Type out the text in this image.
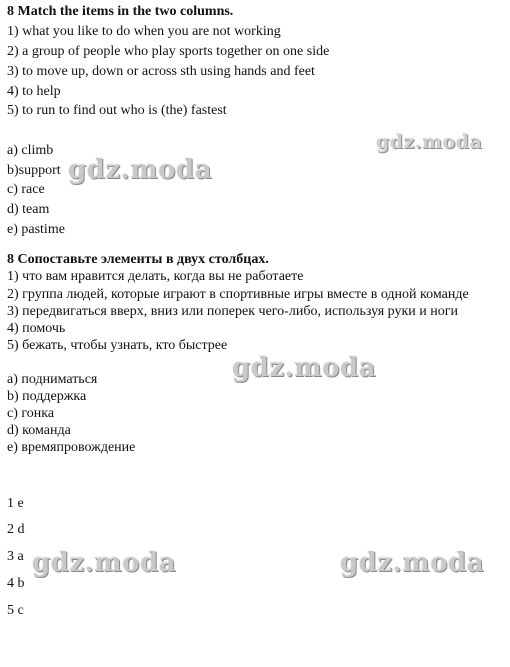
8 Match the items in the two columns.
1) what you like to do when you are not working
2) a group of people who play sports together on one side
3) to move up, down or across sth using hands and feet
4) to help
5) to run to find out who is (the) fastest
a) climb
b)support
c) race
d) team
e) pastime
8 Сопоставьте элементы в двух столбцах.
1) что вам нравится делать, когда вы не работаете
2) группа людей, которые играют в спортивные игры вместе в одной команде
3) передвигаться вверх, вниз или поперек чего-либо, используя руки и ноги
4) помочь
5) бежать, чтобы узнать, кто быстрее
a) подниматься
b) поддержка
c) гонка
d) команда
e) времяпровождение
1 e
2 d
3 a
4 b
5 c
gdz.moda
gdz.moda
gdz.moda
gdz.moda	gdz.moda
